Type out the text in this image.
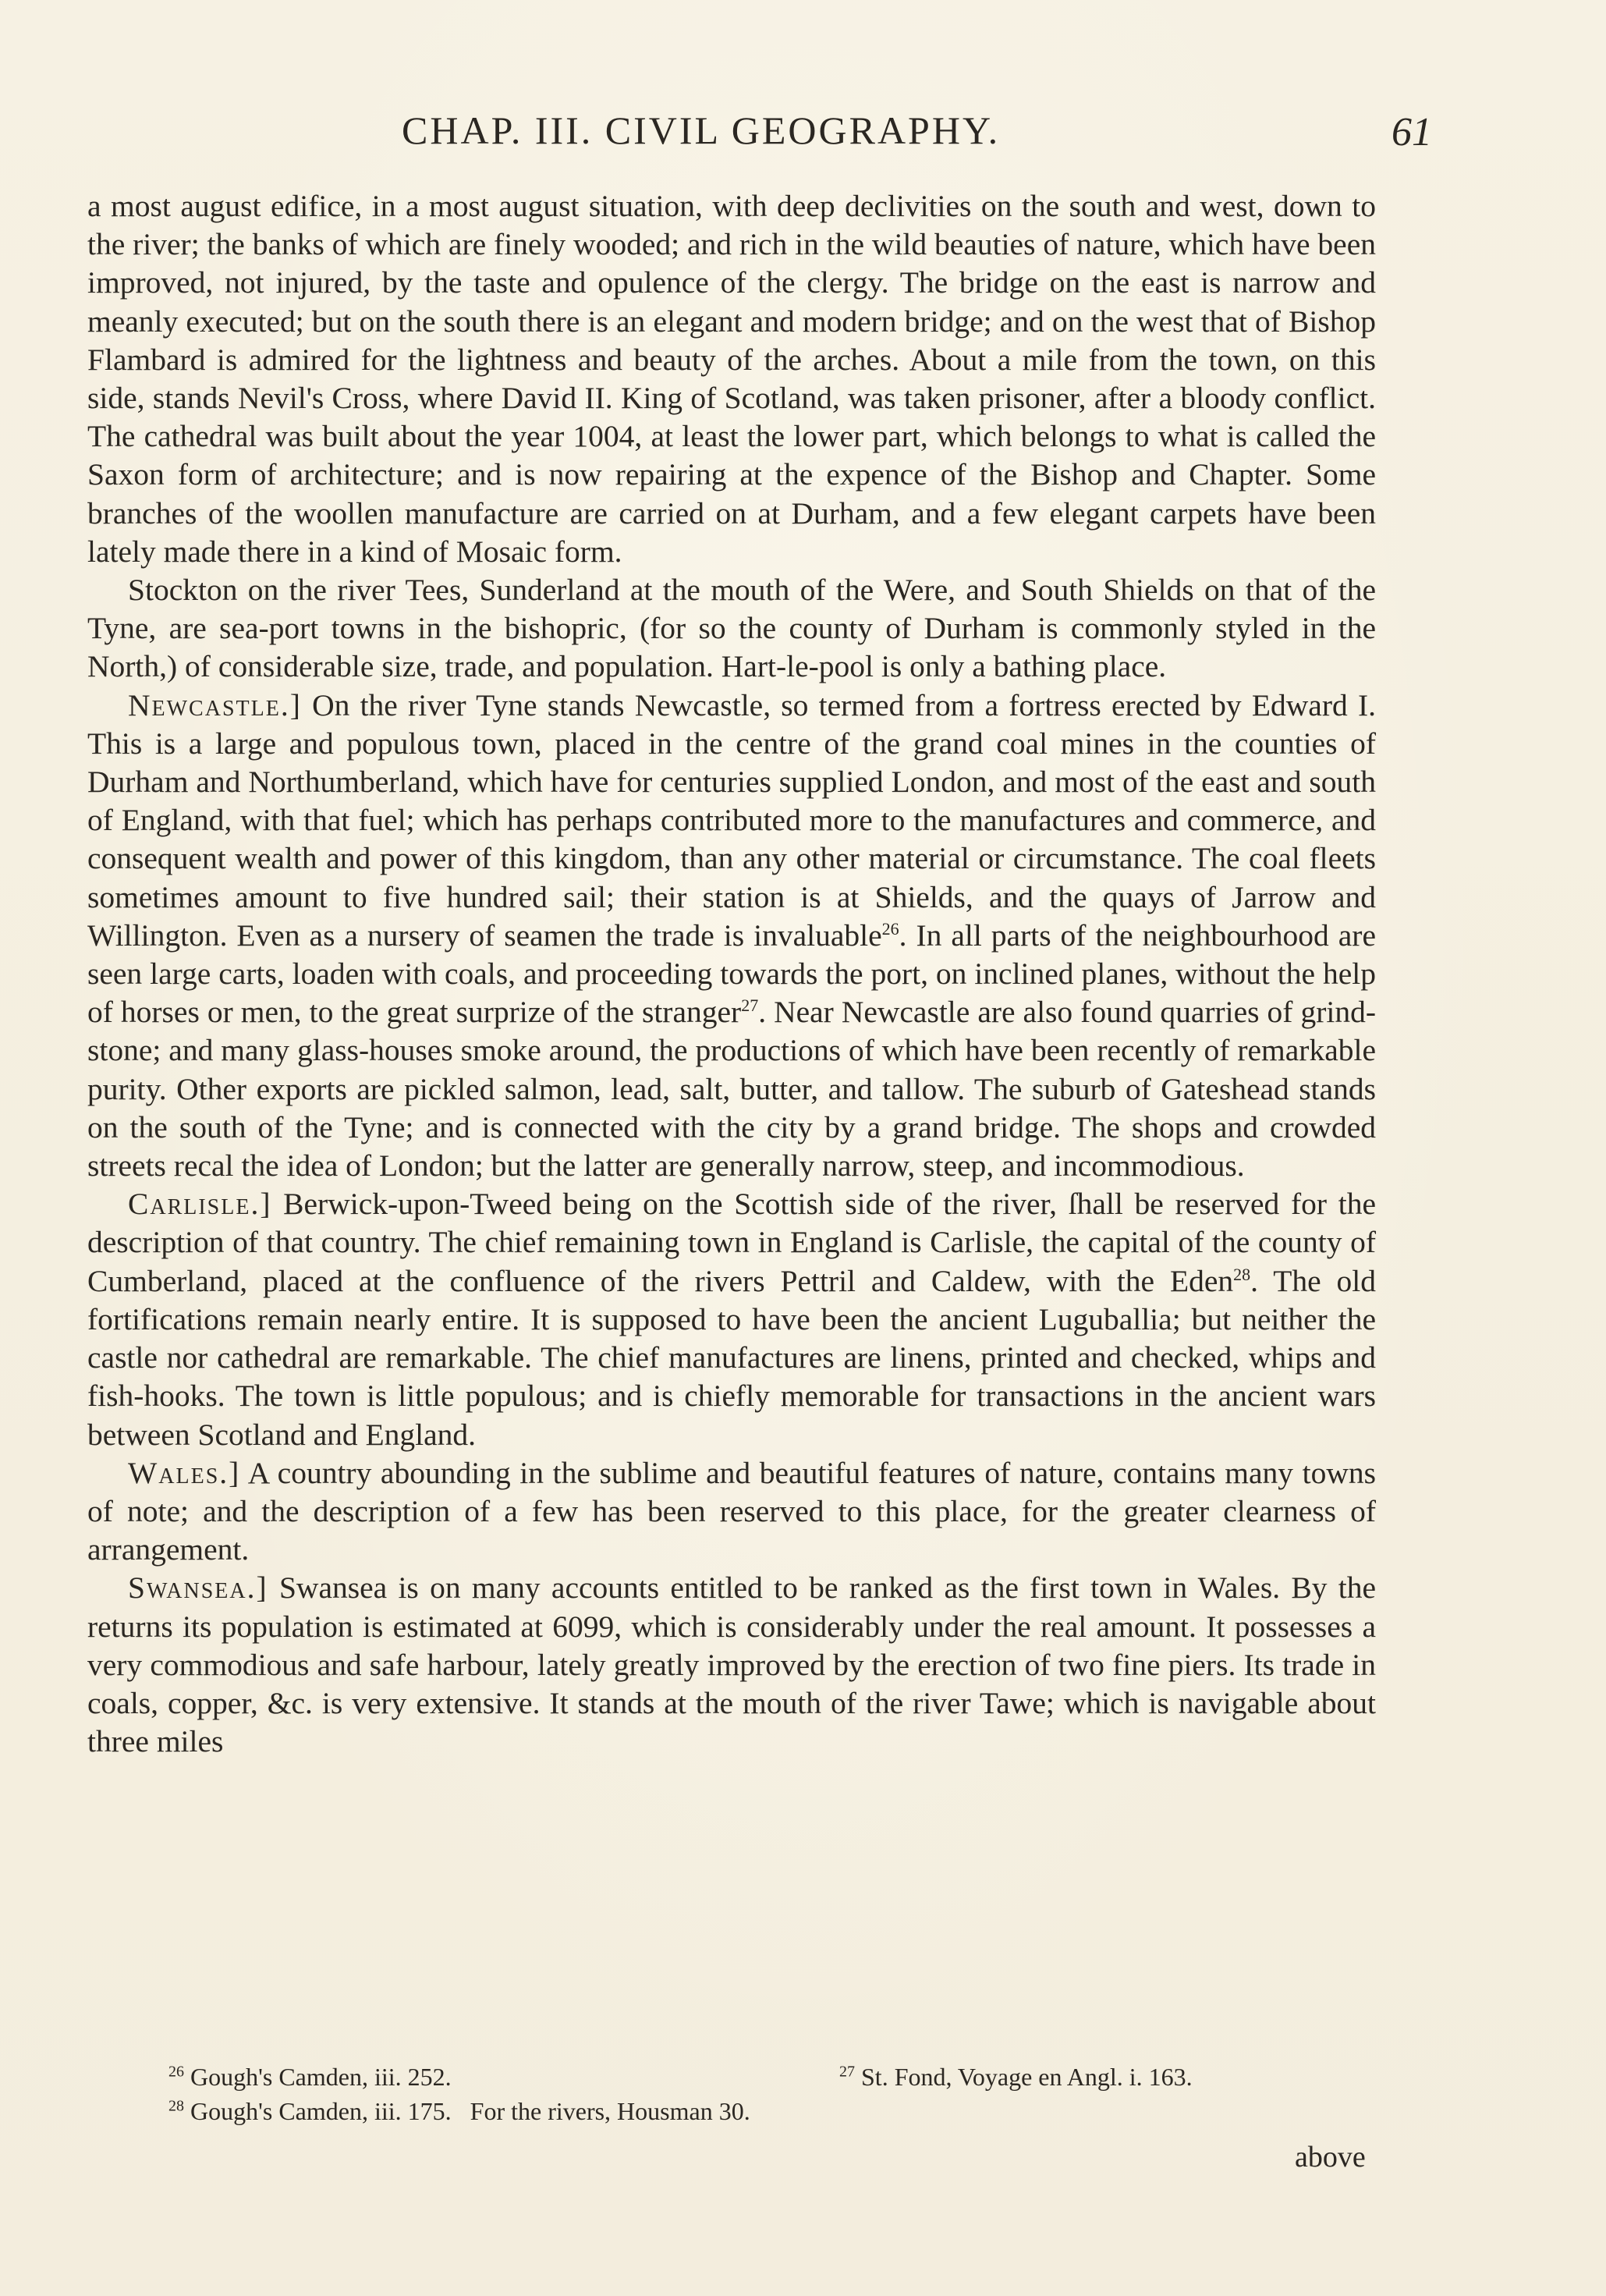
CHAP. III. CIVIL GEOGRAPHY.	61

a most august edifice, in a most august situation, with deep declivities on the south and west, down to the river; the banks of which are finely wooded; and rich in the wild beauties of nature, which have been improved, not injured, by the taste and opulence of the clergy. The bridge on the east is narrow and meanly executed; but on the south there is an elegant and modern bridge; and on the west that of Bishop Flambard is admired for the lightness and beauty of the arches. About a mile from the town, on this side, stands Nevil's Cross, where David II. King of Scotland, was taken prisoner, after a bloody conflict. The cathedral was built about the year 1004, at least the lower part, which belongs to what is called the Saxon form of architecture; and is now repairing at the expence of the Bishop and Chapter. Some branches of the woollen manufacture are carried on at Durham, and a few elegant carpets have been lately made there in a kind of Mosaic form.

Stockton on the river Tees, Sunderland at the mouth of the Were, and South Shields on that of the Tyne, are sea-port towns in the bishopric, (for so the county of Durham is commonly styled in the North,) of considerable size, trade, and population. Hart-le-pool is only a bathing place.

Newcastle.] On the river Tyne stands Newcastle, so termed from a fortress erected by Edward I. This is a large and populous town, placed in the centre of the grand coal mines in the counties of Durham and Northumberland, which have for centuries supplied London, and most of the east and south of England, with that fuel; which has perhaps contributed more to the manufactures and commerce, and consequent wealth and power of this kingdom, than any other material or circumstance. The coal fleets sometimes amount to five hundred sail; their station is at Shields, and the quays of Jarrow and Willington. Even as a nursery of seamen the trade is invaluable$^{26}$. In all parts of the neighbourhood are seen large carts, loaden with coals, and proceeding towards the port, on inclined planes, without the help of horses or men, to the great surprize of the stranger$^{27}$. Near Newcastle are also found quarries of grind-stone; and many glass-houses smoke around, the productions of which have been recently of remarkable purity. Other exports are pickled salmon, lead, salt, butter, and tallow. The suburb of Gateshead stands on the south of the Tyne; and is connected with the city by a grand bridge. The shops and crowded streets recal the idea of London; but the latter are generally narrow, steep, and incommodious.

Carlisle.] Berwick-upon-Tweed being on the Scottish side of the river, ſhall be reserved for the description of that country. The chief remaining town in England is Carlisle, the capital of the county of Cumberland, placed at the confluence of the rivers Pettril and Caldew, with the Eden$^{28}$. The old fortifications remain nearly entire. It is supposed to have been the ancient Luguballia; but neither the castle nor cathedral are remarkable. The chief manufactures are linens, printed and checked, whips and fish-hooks. The town is little populous; and is chiefly memorable for transactions in the ancient wars between Scotland and England.

Wales.] A country abounding in the sublime and beautiful features of nature, contains many towns of note; and the description of a few has been reserved to this place, for the greater clearness of arrangement.

Swansea.] Swansea is on many accounts entitled to be ranked as the first town in Wales. By the returns its population is estimated at 6099, which is considerably under the real amount. It possesses a very commodious and safe harbour, lately greatly improved by the erection of two fine piers. Its trade in coals, copper, &c. is very extensive. It stands at the mouth of the river Tawe; which is navigable about three miles

$^{26}$ Gough's Camden, iii. 252.	$^{27}$ St. Fond, Voyage en Angl. i. 163.
$^{28}$ Gough's Camden, iii. 175.   For the rivers, Housman 30.
above
